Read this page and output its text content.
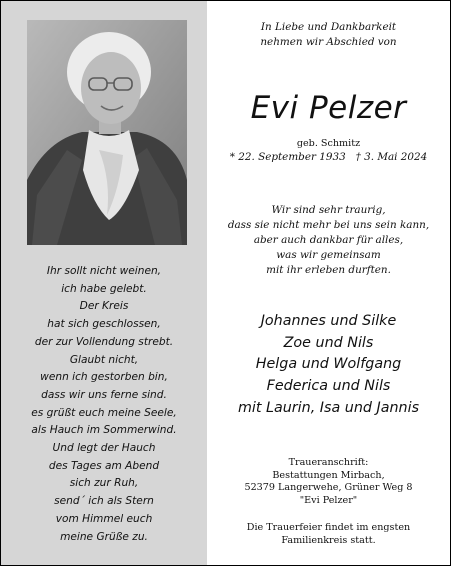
Ihr sollt nicht weinen,
ich habe gelebt.
Der Kreis
hat sich geschlossen,
der zur Vollendung strebt.
Glaubt nicht,
wenn ich gestorben bin,
dass wir uns ferne sind.
es grüßt euch meine Seele,
als Hauch im Sommerwind.
Und legt der Hauch
des Tages am Abend
sich zur Ruh,
send´ ich als Stern
vom Himmel euch
meine Grüße zu.
In Liebe und Dankbarkeit
nehmen wir Abschied von
Evi Pelzer
geb. Schmitz
* 22. September 1933 † 3. Mai 2024
Wir sind sehr traurig,
dass sie nicht mehr bei uns sein kann,
aber auch dankbar für alles,
was wir gemeinsam
mit ihr erleben durften.
Johannes und Silke
Zoe und Nils
Helga und Wolfgang
Federica und Nils
mit Laurin, Isa und Jannis
Traueranschrift:
Bestattungen Mirbach,
52379 Langerwehe, Grüner Weg 8
"Evi Pelzer"
Die Trauerfeier findet im engsten
Familienkreis statt.
